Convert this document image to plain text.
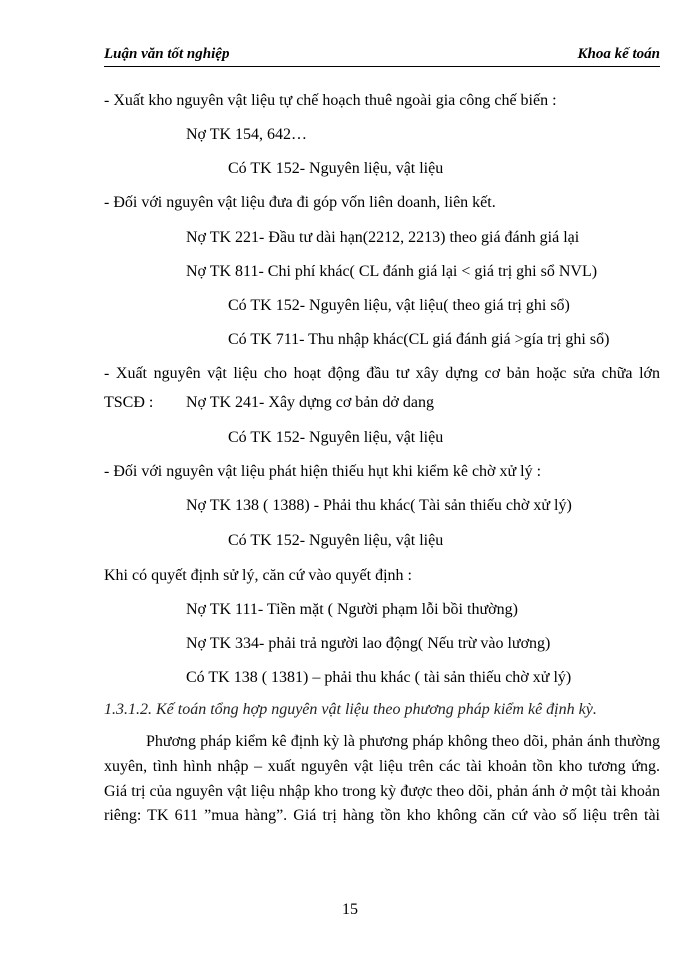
Luận văn tốt nghiệp	Khoa kế toán
- Xuất kho nguyên vật liệu tự chế hoạch thuê ngoài gia công chế biến :
Nợ TK 154, 642…
Có TK 152- Nguyên liệu, vật liệu
- Đối với nguyên vật liệu đưa đi góp vốn liên doanh, liên kết.
Nợ TK 221- Đầu tư dài hạn(2212, 2213) theo giá đánh giá lại
Nợ TK 811- Chi phí khác( CL đánh giá lại < giá trị ghi sổ NVL)
Có TK 152- Nguyên liệu, vật liệu( theo giá trị ghi sổ)
Có TK 711- Thu nhập khác(CL giá đánh giá >gía trị ghi sổ)
- Xuất nguyên vật liệu cho hoạt động đầu tư xây dựng cơ bản hoặc sửa chữa lớn
TSCĐ : Nợ TK 241- Xây dựng cơ bản dở dang
Có TK 152- Nguyên liệu, vật liệu
- Đối với nguyên vật liệu phát hiện thiếu hụt khi kiểm kê chờ xử lý :
Nợ TK 138 ( 1388) - Phải thu khác( Tài sản thiếu chờ xử lý)
Có TK 152- Nguyên liệu, vật liệu
Khi có quyết định sử lý, căn cứ vào quyết định :
Nợ TK 111- Tiền mặt ( Người phạm lỗi bồi thường)
Nợ TK 334- phải trả người lao động( Nếu trừ vào lương)
Có TK 138 ( 1381) – phải thu khác ( tài sản thiếu chờ xử lý)
1.3.1.2. Kế toán tổng hợp nguyên vật liệu theo phương pháp kiểm kê định kỳ.
Phương pháp kiểm kê định kỳ là phương pháp không theo dõi, phản ánh thường
xuyên, tình hình nhập – xuất nguyên vật liệu trên các tài khoản tồn kho tương ứng.
Giá trị của nguyên vật liệu nhập kho trong kỳ được theo dõi, phản ánh ở một tài khoản
riêng: TK 611 ”mua hàng”. Giá trị hàng tồn kho không căn cứ vào số liệu trên tài
15
